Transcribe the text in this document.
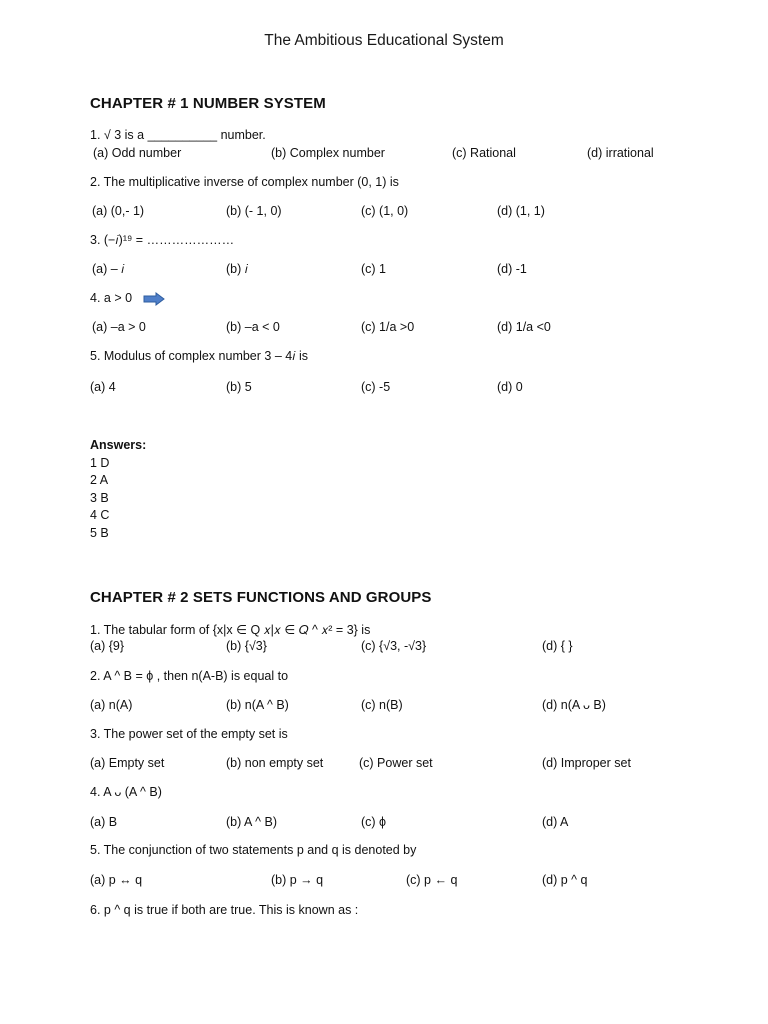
The Ambitious Educational System
CHAPTER # 1 NUMBER SYSTEM
1. √ 3 is a __________ number.
(a) Odd number	(b) Complex number	(c) Rational	(d) irrational
2. The multiplicative inverse of complex number (0, 1) is
(a) (0,- 1)	(b) (- 1, 0)	(c) (1, 0)	(d) (1, 1)
3. (−𝑖)¹⁹ = …………………
(a) – 𝑖	(b) 𝑖	(c) 1	(d) -1
4. a > 0
(a) –a > 0	(b) –a < 0	(c) 1/a >0	(d) 1/a <0
5. Modulus of complex number 3 – 4𝑖 is
(a) 4	(b) 5	(c) -5	(d) 0
Answers:
1 D
2 A
3 B
4 C
5 B
CHAPTER # 2 SETS FUNCTIONS AND GROUPS
1. The tabular form of {x|x ∈ Q 𝑥|𝑥 ∈ 𝑄 ^ 𝑥² = 3} is
(a) {9}	(b) {√3}	(c) {√3, -√3}	(d) { }
2. A ^ B = ϕ , then n(A-B) is equal to
(a) n(A)	(b) n(A ^ B)	(c) n(B)	(d) n(A ᴗ B)
3. The power set of the empty set is
(a) Empty set	(b) non empty set	(c) Power set	(d) Improper set
4. A ᴗ (A ^ B)
(a) B	(b) A ^ B)	(c) ϕ	(d) A
5. The conjunction of two statements p and q is denoted by
(a) p ↔ q	(b) p → q	(c) p ← q	(d) p ^ q
6. p ^ q is true if both are true. This is known as :
